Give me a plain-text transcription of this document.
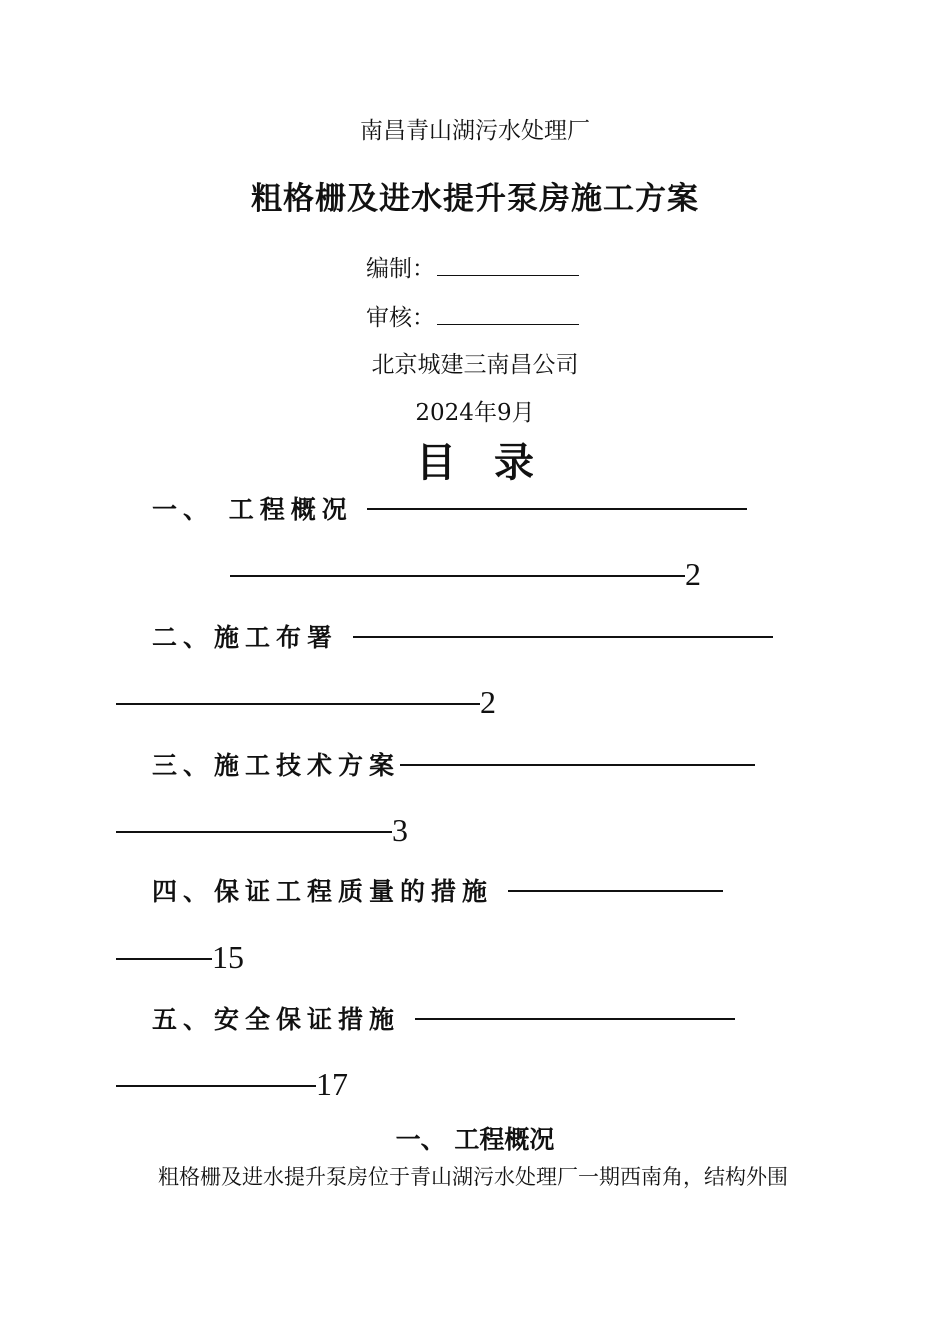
南昌青山湖污水处理厂
粗格栅及进水提升泵房施工方案
编制：
审核：
北京城建三南昌公司
2024年9月
目录
一、 工程概况
2
二、施工布署
2
三、施工技术方案
3
四、保证工程质量的措施
15
五、安全保证措施
17
一、 工程概况
粗格栅及进水提升泵房位于青山湖污水处理厂一期西南角，结构外围
